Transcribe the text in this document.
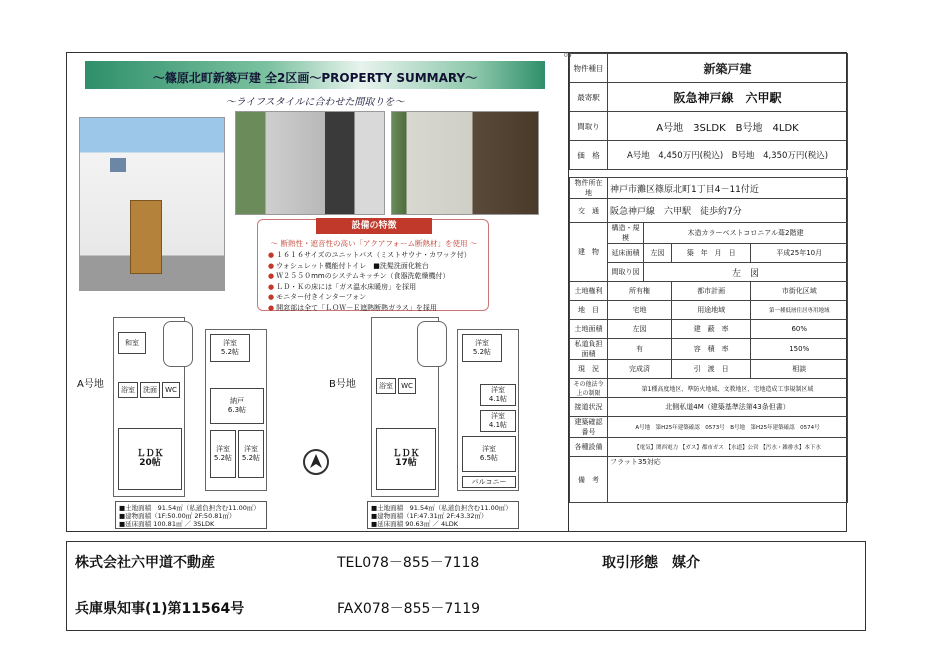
～篠原北町新築戸建 全2区画～PROPERTY SUMMARY～
～ライフスタイルに合わせた間取りを～
設備の特徴
～ 断熱性・遮音性の高い「アクアフォーム断熱材」を使用 ～
● １６１６サイズのユニットバス（ミストサウナ・カワック付）
● ウォシュレット機能付トイレ　■洗髪洗面化粧台
● Ｗ２５５０mmのシステムキッチン（食器洗乾燥機付）
● ＬＤ・Ｋの床には「ガス温水床暖房」を採用
● モニター付きインターフォン
● 開窓部は全て「ＬＯＷ－Ｅ遮熱断熱ガラス」を採用
A号地
和室
ＬＤＫ
20帖
浴室	洗面	WC
洋室
5.2帖
納戸
6.3帖
洋室
5.2帖
洋室
5.2帖
■土地面積　91.54㎡（私道負担含む11.00㎡）
■建物面積（1F:50.00㎡ 2F:50.81㎡）
■延床面積 100.81㎡ ／ 3SLDK
B号地	浴室	WC
ＬＤＫ
17帖
洋室
5.2帖
洋室
4.1帖
洋室
4.1帖
洋室
6.5帖
バルコニー
■土地面積　91.54㎡（私道負担含む11.00㎡）
■建物面積（1F:47.31㎡ 2F:43.32㎡）
■延床面積 90.63㎡ ／ 4LDK
物件種目	新築戸建
最寄駅	阪急神戸線　六甲駅
間取り	A号地　3SLDK　B号地　4LDK
価　格	A号地　4,450万円(税込)　B号地　4,350万円(税込)
物件所在地	神戸市灘区篠原北町1丁目4－11付近			
交　通	阪急神戸線　六甲駅　徒歩約7分			
建　物	構造・規模	木造カラーベストコロニアル葺2階建		
	延床面積	左図	築　年　月　日	平成25年10月
	間取り図	左　図		
土地権利	所有権		都市計画	市街化区域
地　目	宅地		用途地域	第一種低層住居専用地域
土地面積	左図		建　蔽　率	60%
私道負担面積	有		容　積　率	150%
現　況	完成済		引　渡　日	相談
その他法令上の制限	第1種高度地区、準防火地域、文教地区、宅地造成工事規制区域			
接道状況	北側私道4M（建築基準法第43条但書）			
建築確認番号	A号地　第H25年建築確認　0573号　B号地　第H25年建築確認　0574号			
各種設備	【電気】関西電力 【ガス】都市ガス 【水道】公営 【汚水・雑排水】本下水			
備　考	フラット35対応			
04
株式会社六甲道不動産
兵庫県知事(1)第11564号
TEL078－855－7118
FAX078－855－7119
取引形態　媒介
